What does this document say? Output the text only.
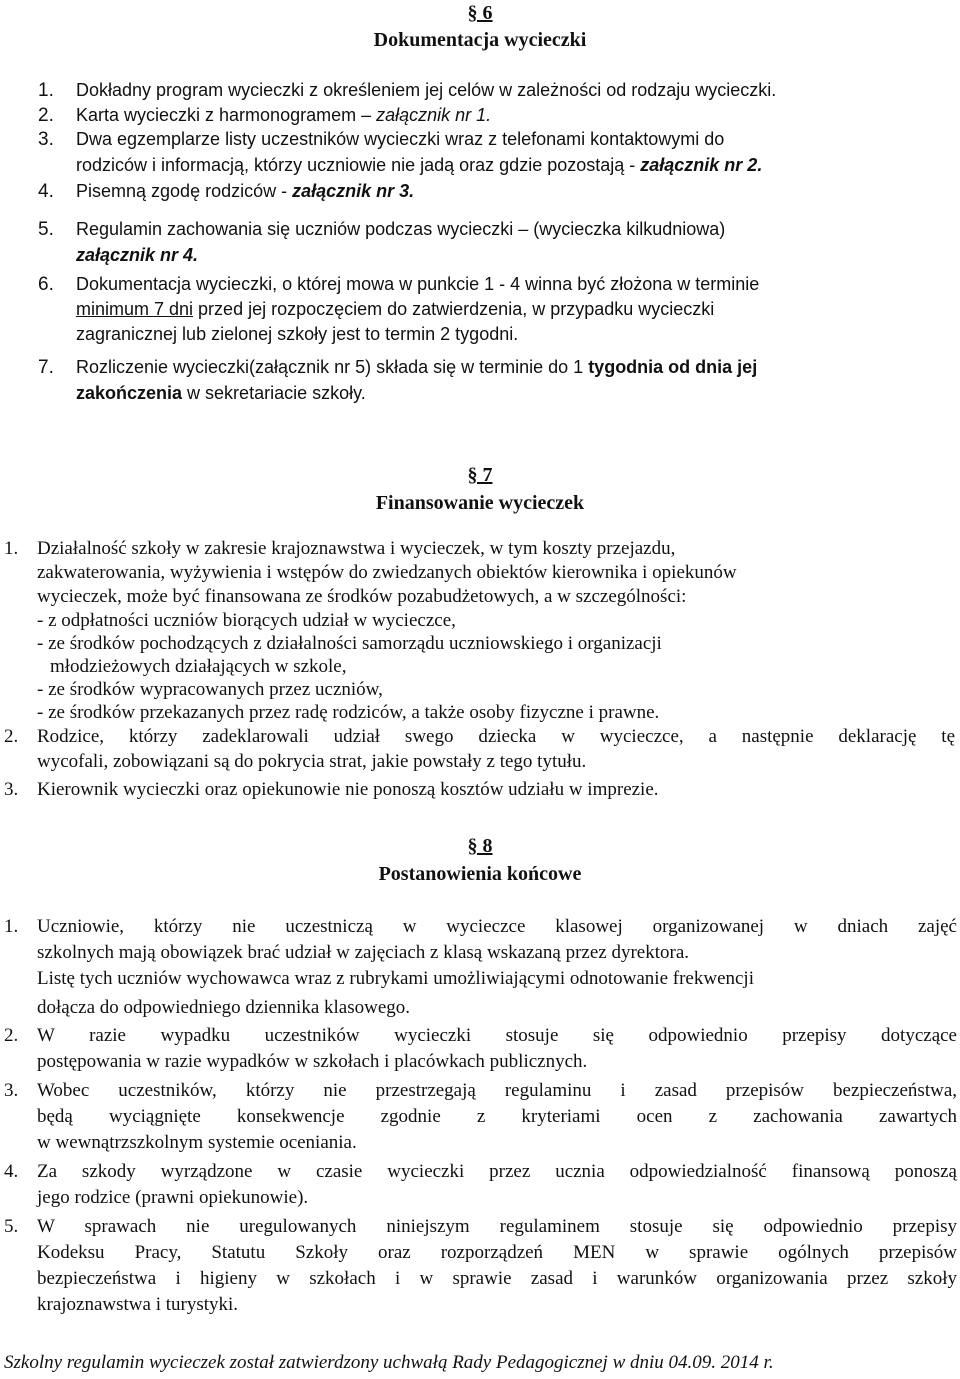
§ 6
Dokumentacja wycieczki
1. Dokładny program wycieczki z określeniem jej celów w zależności od rodzaju wycieczki.
2. Karta wycieczki z harmonogramem – załącznik nr 1.
3. Dwa egzemplarze listy uczestników wycieczki wraz z telefonami kontaktowymi do
rodziców i informacją, którzy uczniowie nie jadą oraz gdzie pozostają - załącznik nr 2.
4. Pisemną zgodę rodziców - załącznik nr 3.
5. Regulamin zachowania się uczniów podczas wycieczki – (wycieczka kilkudniowa)
załącznik nr 4.
6. Dokumentacja wycieczki, o której mowa w punkcie 1 - 4 winna być złożona w terminie
minimum 7 dni przed jej rozpoczęciem do zatwierdzenia, w przypadku wycieczki
zagranicznej lub zielonej szkoły jest to termin 2 tygodni.
7. Rozliczenie wycieczki(załącznik nr 5) składa się w terminie do 1 tygodnia od dnia jej
zakończenia w sekretariacie szkoły.
§ 7
Finansowanie wycieczek
1. Działalność szkoły w zakresie krajoznawstwa i wycieczek, w tym koszty przejazdu,
zakwaterowania, wyżywienia i wstępów do zwiedzanych obiektów kierownika i opiekunów
wycieczek, może być finansowana ze środków pozabudżetowych, a w szczególności:
- z odpłatności uczniów biorących udział w wycieczce,
- ze środków pochodzących z działalności samorządu uczniowskiego i organizacji
młodzieżowych działających w szkole,
- ze środków wypracowanych przez uczniów,
- ze środków przekazanych przez radę rodziców, a także osoby fizyczne i prawne.
2. Rodzice, którzy zadeklarowali udział swego dziecka w wycieczce, a następnie deklarację tę
wycofali, zobowiązani są do pokrycia strat, jakie powstały z tego tytułu.
3. Kierownik wycieczki oraz opiekunowie nie ponoszą kosztów udziału w imprezie.
§ 8
Postanowienia końcowe
1. Uczniowie, którzy nie uczestniczą w wycieczce klasowej organizowanej w dniach zajęć
szkolnych mają obowiązek brać udział w zajęciach z klasą wskazaną przez dyrektora.
Listę tych uczniów wychowawca wraz z rubrykami umożliwiającymi odnotowanie frekwencji
dołącza do odpowiedniego dziennika klasowego.
2. W razie wypadku uczestników wycieczki stosuje się odpowiednio przepisy dotyczące
postępowania w razie wypadków w szkołach i placówkach publicznych.
3. Wobec uczestników, którzy nie przestrzegają regulaminu i zasad przepisów bezpieczeństwa,
będą wyciągnięte konsekwencje zgodnie z kryteriami ocen z zachowania zawartych
w wewnątrzszkolnym systemie oceniania.
4. Za szkody wyrządzone w czasie wycieczki przez ucznia odpowiedzialność finansową ponoszą
jego rodzice (prawni opiekunowie).
5. W sprawach nie uregulowanych niniejszym regulaminem stosuje się odpowiednio przepisy
Kodeksu Pracy, Statutu Szkoły oraz rozporządzeń MEN w sprawie ogólnych przepisów
bezpieczeństwa i higieny w szkołach i w sprawie zasad i warunków organizowania przez szkoły
krajoznawstwa i turystyki.
Szkolny regulamin wycieczek został zatwierdzony uchwałą Rady Pedagogicznej w dniu 04.09. 2014 r.
